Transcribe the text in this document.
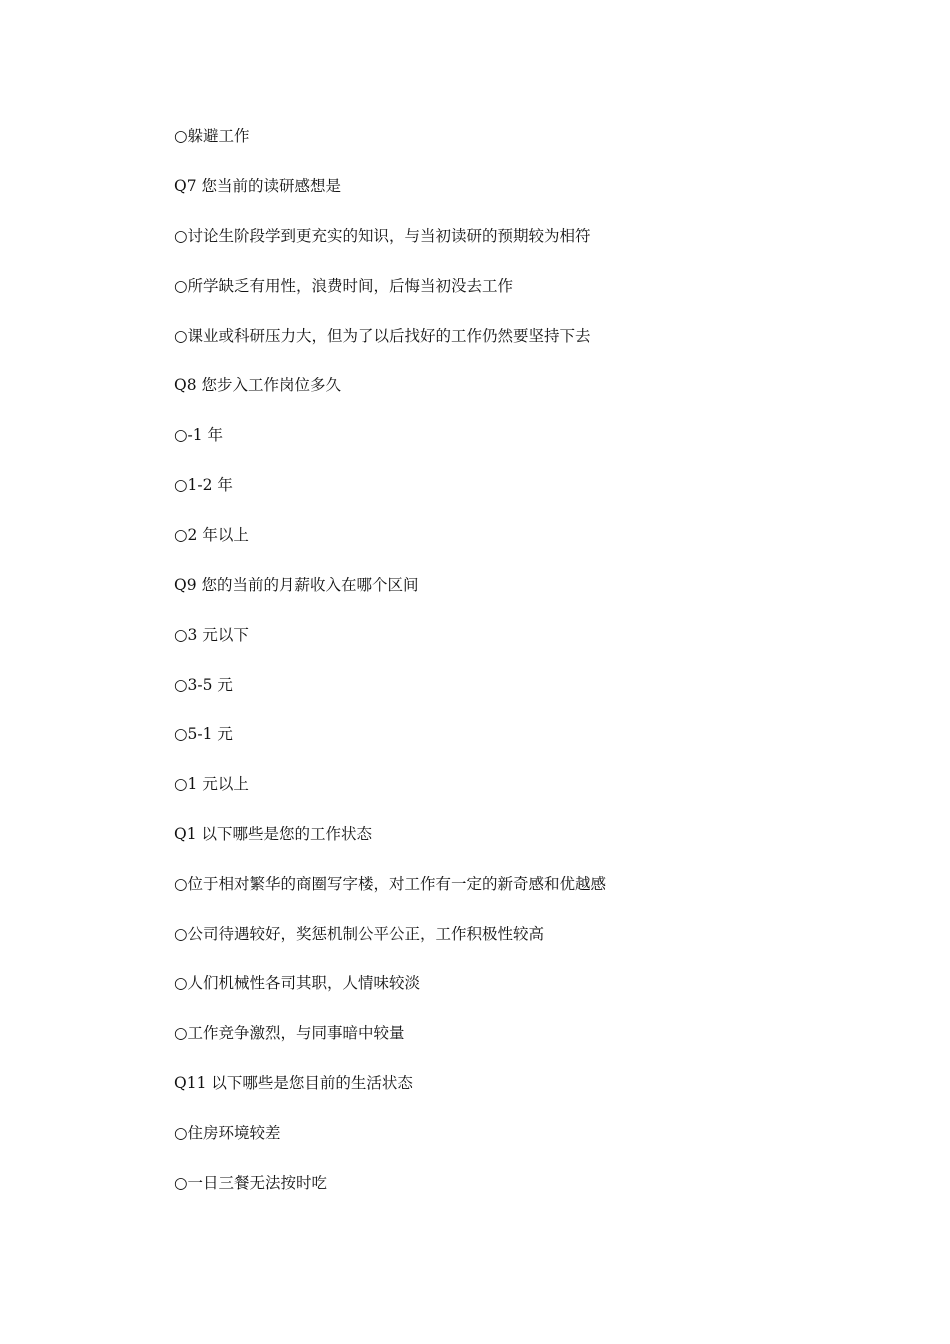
○躲避工作
Q7 您当前的读研感想是
○讨论生阶段学到更充实的知识，与当初读研的预期较为相符
○所学缺乏有用性，浪费时间，后悔当初没去工作
○课业或科研压力大，但为了以后找好的工作仍然要坚持下去
Q8 您步入工作岗位多久
○-1 年
○1-2 年
○2 年以上
Q9 您的当前的月薪收入在哪个区间
○3 元以下
○3-5 元
○5-1 元
○1 元以上
Q1 以下哪些是您的工作状态
○位于相对繁华的商圈写字楼，对工作有一定的新奇感和优越感
○公司待遇较好，奖惩机制公平公正，工作积极性较高
○人们机械性各司其职，人情味较淡
○工作竞争激烈，与同事暗中较量
Q11 以下哪些是您目前的生活状态
○住房环境较差
○一日三餐无法按时吃
